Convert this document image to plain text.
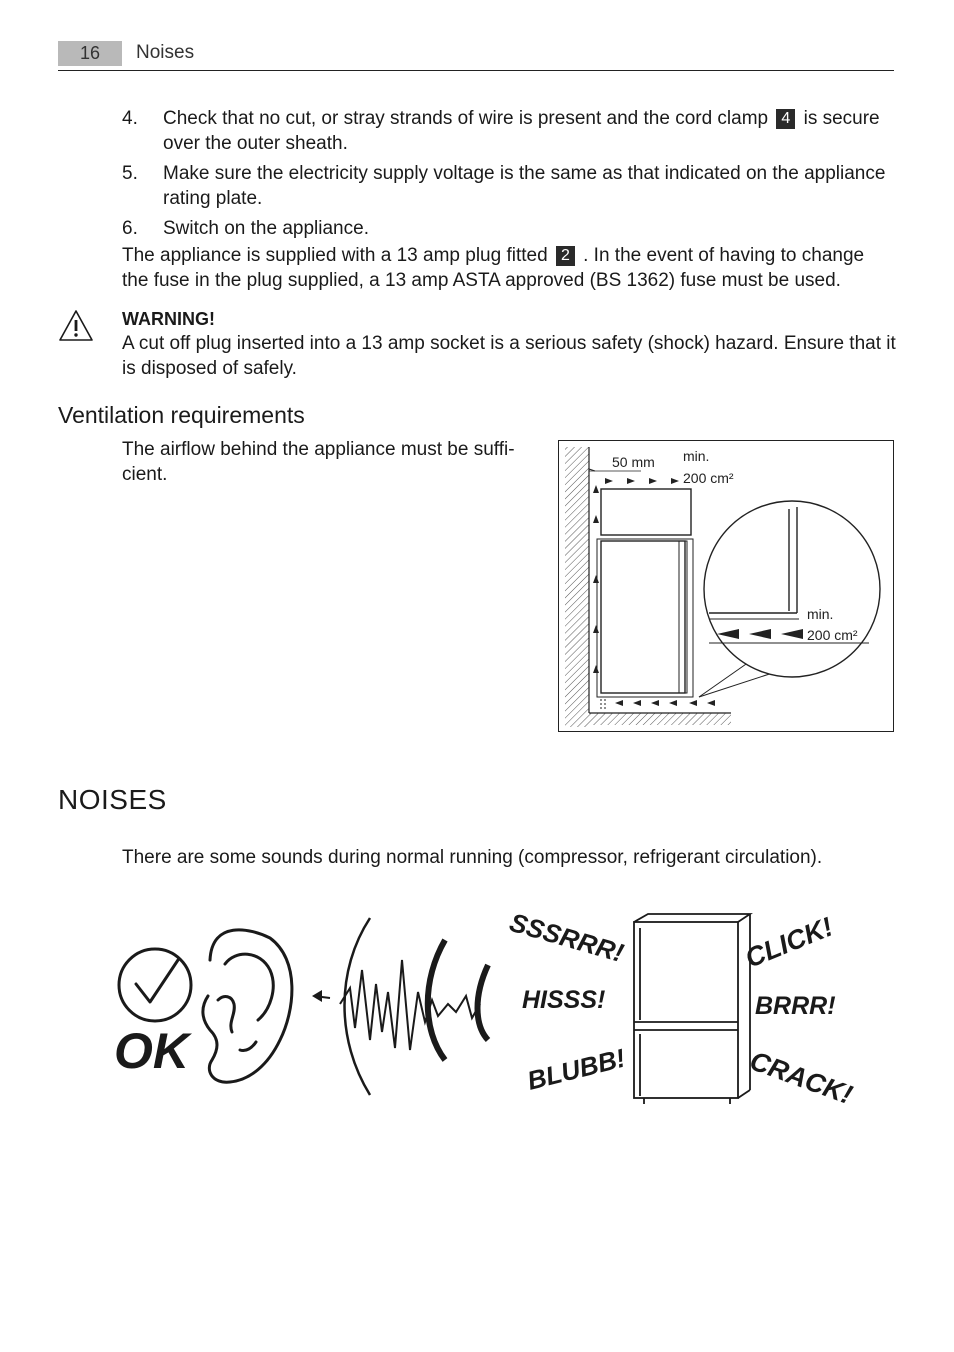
16	Noises
4. Check that no cut, or stray strands of wire is present and the cord clamp 4 is secure over the outer sheath.
5. Make sure the electricity supply voltage is the same as that indicated on the appliance rating plate.
6. Switch on the appliance.
The appliance is supplied with a 13 amp plug fitted 2 . In the event of having to change the fuse in the plug supplied, a 13 amp ASTA approved (BS 1362) fuse must be used.
WARNING!
A cut off plug inserted into a 13 amp socket is a serious safety (shock) hazard. Ensure that it is disposed of safely.
Ventilation requirements
The airflow behind the appliance must be suffi- cient.
50 mm min.
200 cm²
min.
200 cm²
NOISES
There are some sounds during normal running (compressor, refrigerant circulation).
OK
SSSRRR!
HISSS!
BLUBB!
CLICK!
BRRR!
CRACK!
